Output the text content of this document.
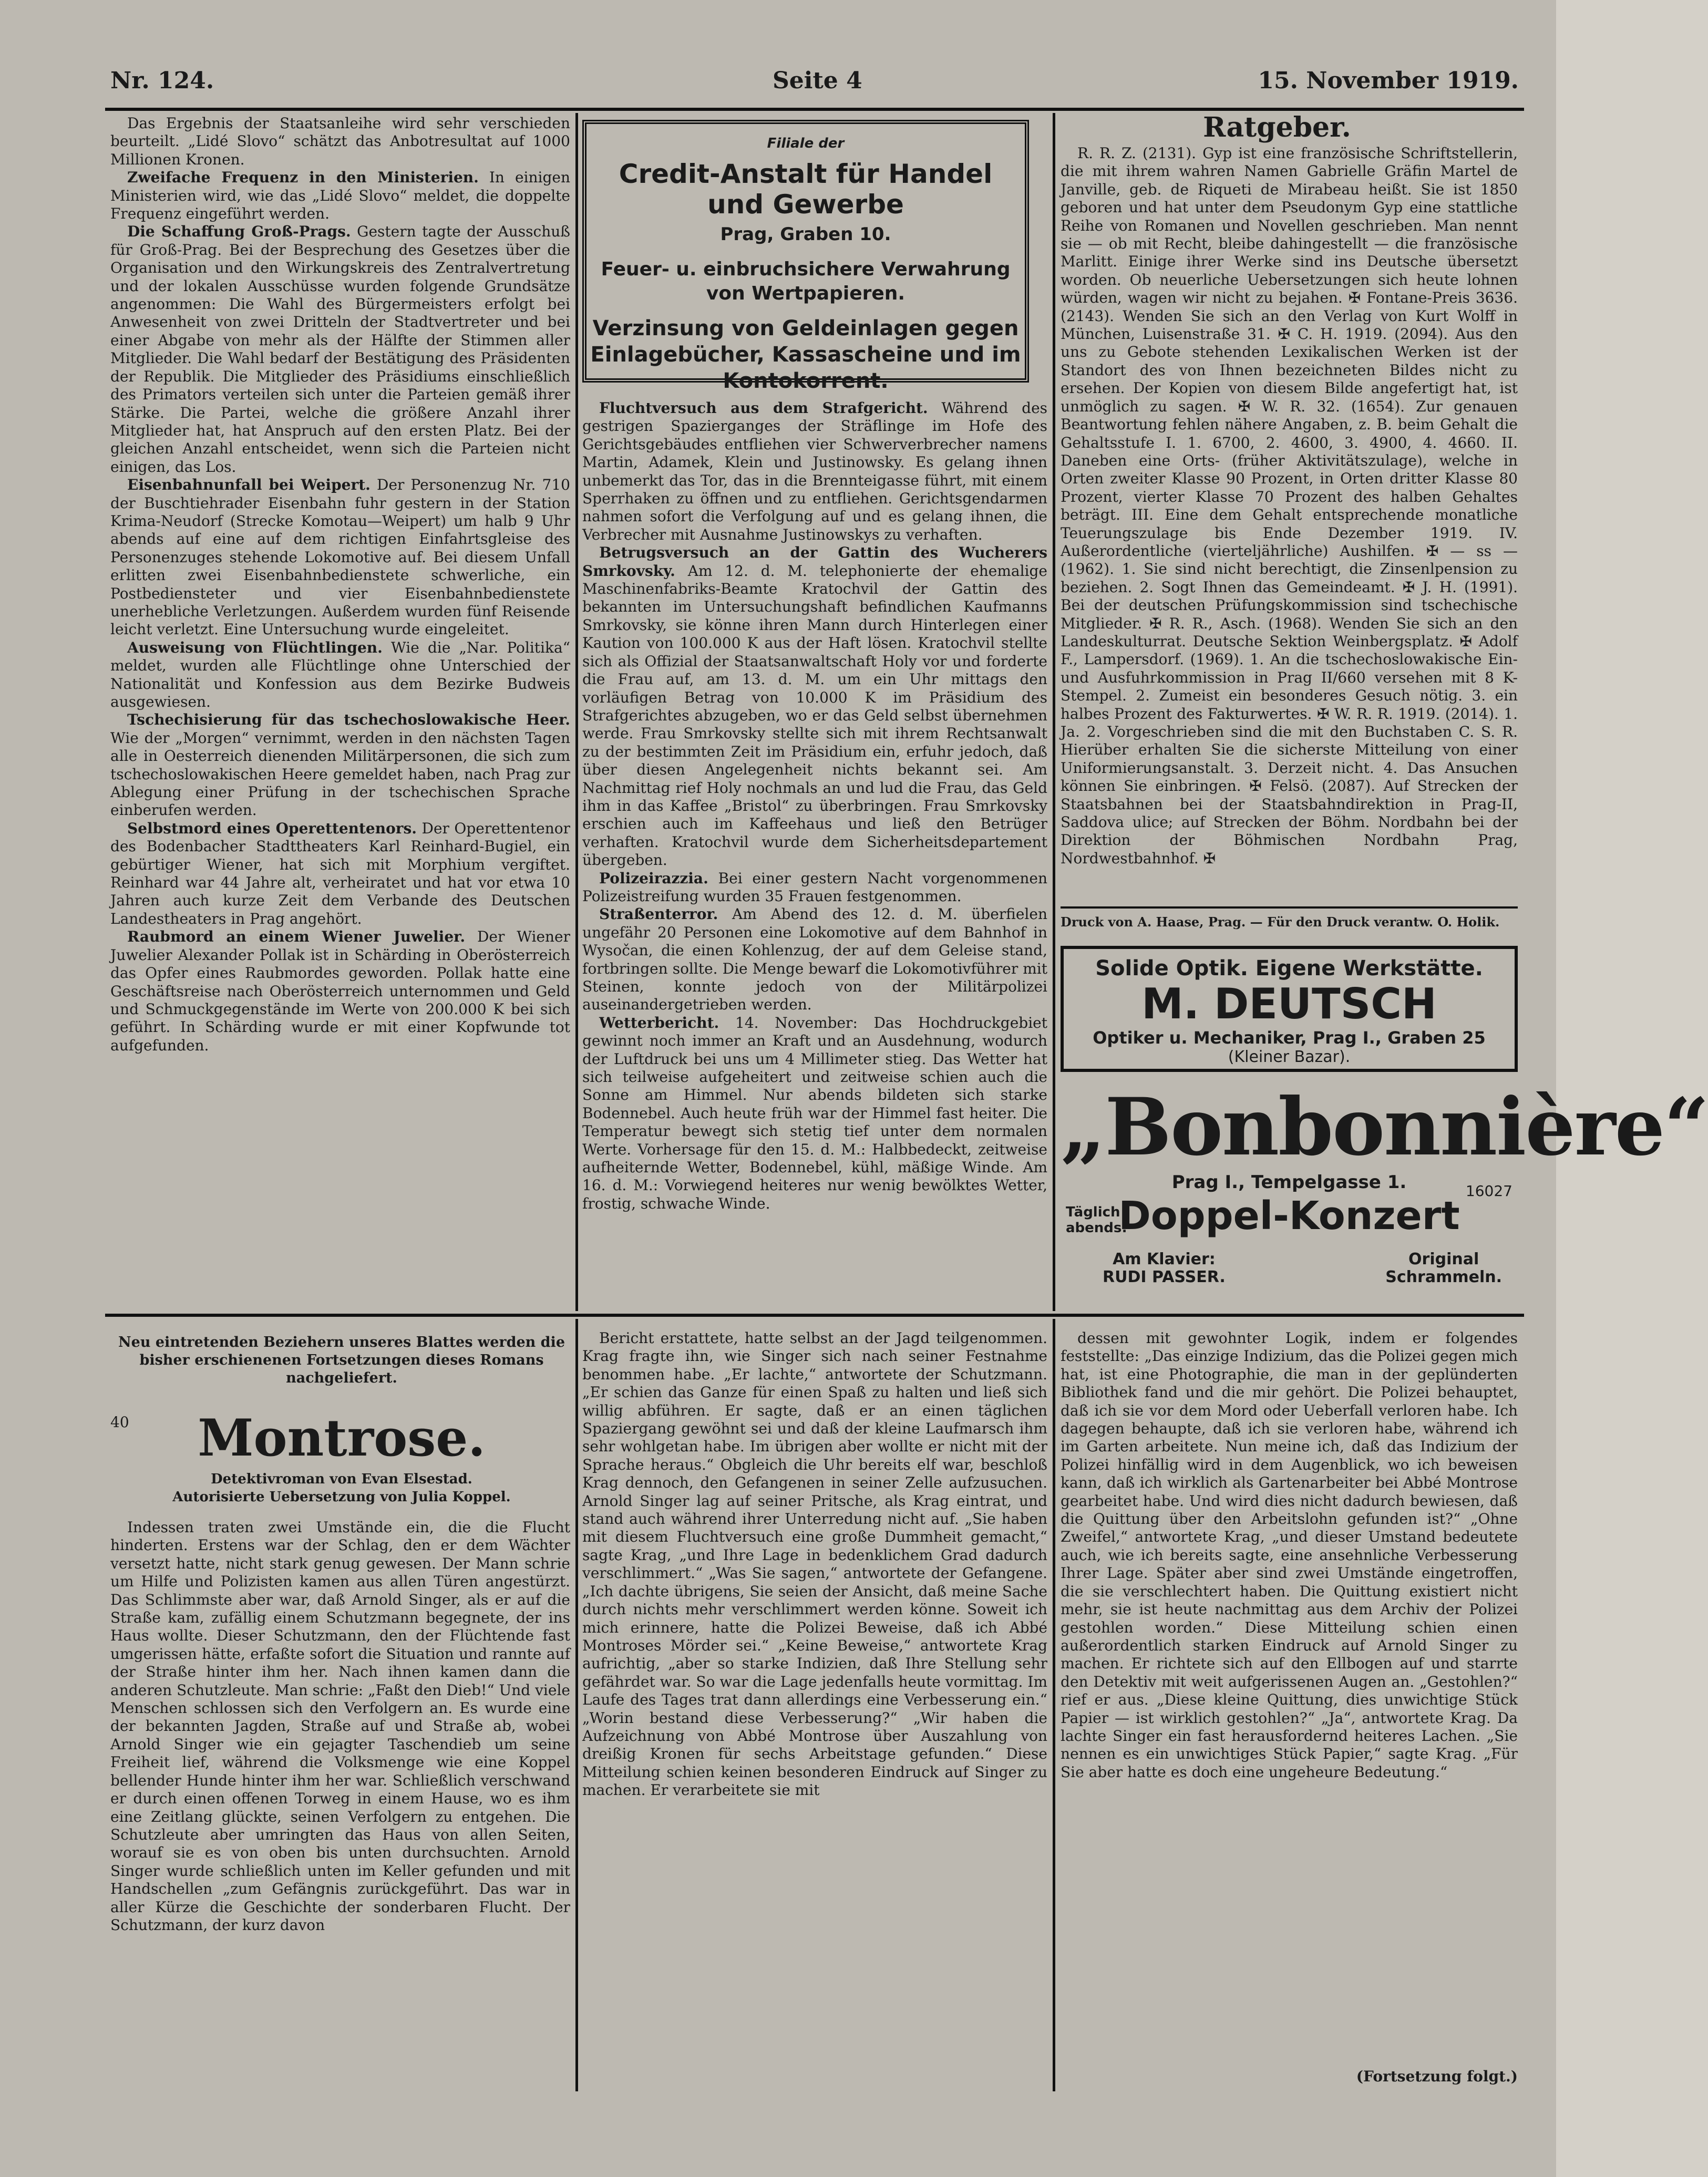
Nr. 124.	Seite 4	15. November 1919.

Das Ergebnis der Staatsanleihe wird sehr verschieden beurteilt. „Lidé Slovo“ schätzt das Anbotresultat auf 1000 Millionen Kronen.

Zweifache Frequenz in den Ministerien. In einigen Ministerien wird, wie das „Lidé Slovo“ meldet, die doppelte Frequenz eingeführt werden.

Die Schaffung Groß-Prags. Gestern tagte der Ausschuß für Groß-Prag. Bei der Besprechung des Gesetzes über die Organisation und den Wirkungskreis des Zentralvertretung und der lokalen Ausschüsse wurden folgende Grundsätze angenommen: Die Wahl des Bürgermeisters erfolgt bei Anwesenheit von zwei Dritteln der Stadtvertreter und bei einer Abgabe von mehr als der Hälfte der Stimmen aller Mitglieder. Die Wahl bedarf der Bestätigung des Präsidenten der Republik. Die Mitglieder des Präsidiums einschließlich des Primators verteilen sich unter die Parteien gemäß ihrer Stärke. Die Partei, welche die größere Anzahl ihrer Mitglieder hat, hat Anspruch auf den ersten Platz. Bei der gleichen Anzahl entscheidet, wenn sich die Parteien nicht einigen, das Los.

Eisenbahnunfall bei Weipert. Der Personenzug Nr. 710 der Buschtiehrader Eisenbahn fuhr gestern in der Station Krima-Neudorf (Strecke Komotau—Weipert) um halb 9 Uhr abends auf eine auf dem richtigen Einfahrtsgleise des Personenzuges stehende Lokomotive auf. Bei diesem Unfall erlitten zwei Eisenbahnbedienstete schwerliche, ein Postbediensteter und vier Eisenbahnbedienstete unerhebliche Verletzungen. Außerdem wurden fünf Reisende leicht verletzt. Eine Untersuchung wurde eingeleitet.

Ausweisung von Flüchtlingen. Wie die „Nar. Politika“ meldet, wurden alle Flüchtlinge ohne Unterschied der Nationalität und Konfession aus dem Bezirke Budweis ausgewiesen.

Tschechisierung für das tschechoslowakische Heer. Wie der „Morgen“ vernimmt, werden in den nächsten Tagen alle in Oesterreich dienenden Militärpersonen, die sich zum tschechoslowakischen Heere gemeldet haben, nach Prag zur Ablegung einer Prüfung in der tschechischen Sprache einberufen werden.

Selbstmord eines Operettentenors. Der Operettentenor des Bodenbacher Stadttheaters Karl Reinhard-Bugiel, ein gebürtiger Wiener, hat sich mit Morphium vergiftet. Reinhard war 44 Jahre alt, verheiratet und hat vor etwa 10 Jahren auch kurze Zeit dem Verbande des Deutschen Landestheaters in Prag angehört.

Raubmord an einem Wiener Juwelier. Der Wiener Juwelier Alexander Pollak ist in Schärding in Oberösterreich das Opfer eines Raubmordes geworden. Pollak hatte eine Geschäftsreise nach Oberösterreich unternommen und Geld und Schmuckgegenstände im Werte von 200.000 K bei sich geführt. In Schärding wurde er mit einer Kopfwunde tot aufgefunden.

Filiale der
Credit-Anstalt für Handel und Gewerbe
Prag, Graben 10.
Feuer- u. einbruchsichere Verwahrung von Wertpapieren.
Verzinsung von Geldeinlagen gegen Einlagebücher, Kassascheine und im Kontokorrent.

Fluchtversuch aus dem Strafgericht. Während des gestrigen Spazierganges der Sträflinge im Hofe des Gerichtsgebäudes entfliehen vier Schwerverbrecher namens Martin, Adamek, Klein und Justinowsky. Es gelang ihnen unbemerkt das Tor, das in die Brennteigasse führt, mit einem Sperrhaken zu öffnen und zu entfliehen. Gerichtsgendarmen nahmen sofort die Verfolgung auf und es gelang ihnen, die Verbrecher mit Ausnahme Justinowskys zu verhaften.

Betrugsversuch an der Gattin des Wucherers Smrkovsky. Am 12. d. M. telephonierte der ehemalige Maschinenfabriks-Beamte Kratochvil der Gattin des bekannten im Untersuchungshaft befindlichen Kaufmanns Smrkovsky, sie könne ihren Mann durch Hinterlegen einer Kaution von 100.000 K aus der Haft lösen. Kratochvil stellte sich als Offizial der Staatsanwaltschaft Holy vor und forderte die Frau auf, am 13. d. M. um ein Uhr mittags den vorläufigen Betrag von 10.000 K im Präsidium des Strafgerichtes abzugeben, wo er das Geld selbst übernehmen werde. Frau Smrkovsky stellte sich mit ihrem Rechtsanwalt zu der bestimmten Zeit im Präsidium ein, erfuhr jedoch, daß über diesen Angelegenheit nichts bekannt sei. Am Nachmittag rief Holy nochmals an und lud die Frau, das Geld ihm in das Kaffee „Bristol“ zu überbringen. Frau Smrkovsky erschien auch im Kaffeehaus und ließ den Betrüger verhaften. Kratochvil wurde dem Sicherheitsdepartement übergeben.

Polizeirazzia. Bei einer gestern Nacht vorgenommenen Polizeistreifung wurden 35 Frauen festgenommen.

Straßenterror. Am Abend des 12. d. M. überfielen ungefähr 20 Personen eine Lokomotive auf dem Bahnhof in Wysočan, die einen Kohlenzug, der auf dem Geleise stand, fortbringen sollte. Die Menge bewarf die Lokomotivführer mit Steinen, konnte jedoch von der Militärpolizei auseinandergetrieben werden.

Wetterbericht. 14. November: Das Hochdruckgebiet gewinnt noch immer an Kraft und an Ausdehnung, wodurch der Luftdruck bei uns um 4 Millimeter stieg. Das Wetter hat sich teilweise aufgeheitert und zeitweise schien auch die Sonne am Himmel. Nur abends bildeten sich starke Bodennebel. Auch heute früh war der Himmel fast heiter. Die Temperatur bewegt sich stetig tief unter dem normalen Werte. Vorhersage für den 15. d. M.: Halbbedeckt, zeitweise aufheiternde Wetter, Bodennebel, kühl, mäßige Winde. Am 16. d. M.: Vorwiegend heiteres nur wenig bewölktes Wetter, frostig, schwache Winde.

Ratgeber.

R. R. Z. (2131). Gyp ist eine französische Schriftstellerin, die mit ihrem wahren Namen Gabrielle Gräfin Martel de Janville, geb. de Riqueti de Mirabeau heißt. Sie ist 1850 geboren und hat unter dem Pseudonym Gyp eine stattliche Reihe von Romanen und Novellen geschrieben. Man nennt sie — ob mit Recht, bleibe dahingestellt — die französische Marlitt. Einige ihrer Werke sind ins Deutsche übersetzt worden. Ob neuerliche Uebersetzungen sich heute lohnen würden, wagen wir nicht zu bejahen. ✠ Fontane-Preis 3636. (2143). Wenden Sie sich an den Verlag von Kurt Wolff in München, Luisenstraße 31. ✠ C. H. 1919. (2094). Aus den uns zu Gebote stehenden Lexikalischen Werken ist der Standort des von Ihnen bezeichneten Bildes nicht zu ersehen. Der Kopien von diesem Bilde angefertigt hat, ist unmöglich zu sagen. ✠ W. R. 32. (1654). Zur genauen Beantwortung fehlen nähere Angaben, z. B. beim Gehalt die Gehaltsstufe I. 1. 6700, 2. 4600, 3. 4900, 4. 4660. II. Daneben eine Orts- (früher Aktivitätszulage), welche in Orten zweiter Klasse 90 Prozent, in Orten dritter Klasse 80 Prozent, vierter Klasse 70 Prozent des halben Gehaltes beträgt. III. Eine dem Gehalt entsprechende monatliche Teuerungszulage bis Ende Dezember 1919. IV. Außerordentliche (vierteljährliche) Aushilfen. ✠ — ss — (1962). 1. Sie sind nicht berechtigt, die Zinsenlpension zu beziehen. 2. Sogt Ihnen das Gemeindeamt. ✠ J. H. (1991). Bei der deutschen Prüfungskommission sind tschechische Mitglieder. ✠ R. R., Asch. (1968). Wenden Sie sich an den Landeskulturrat. Deutsche Sektion Weinbergsplatz. ✠ Adolf F., Lampersdorf. (1969). 1. An die tschechoslowakische Ein- und Ausfuhrkommission in Prag II/660 versehen mit 8 K-Stempel. 2. Zumeist ein besonderes Gesuch nötig. 3. ein halbes Prozent des Fakturwertes. ✠ W. R. R. 1919. (2014). 1. Ja. 2. Vorgeschrieben sind die mit den Buchstaben C. S. R. Hierüber erhalten Sie die sicherste Mitteilung von einer Uniformierungsanstalt. 3. Derzeit nicht. 4. Das Ansuchen können Sie einbringen. ✠ Felsö. (2087). Auf Strecken der Staatsbahnen bei der Staatsbahndirektion in Prag-II, Saddova ulice; auf Strecken der Böhm. Nordbahn bei der Direktion der Böhmischen Nordbahn Prag, Nordwestbahnhof. ✠

Druck von A. Haase, Prag. — Für den Druck verantw. O. Holik.
Solide Optik. Eigene Werkstätte.
M. DEUTSCH
Optiker u. Mechaniker, Prag I., Graben 25
(Kleiner Bazar).
„Bonbonnière“
Prag I., Tempelgasse 1.	16027
Täglich abends:
Doppel-Konzert
Am Klavier:
RUDI PASSER.
Original
Schrammeln.
Neu eintretenden Beziehern unseres Blattes werden die bisher erschienenen Fortsetzungen dieses Romans nachgeliefert.
40	Montrose.
Detektivroman von Evan Elsestad.
Autorisierte Uebersetzung von Julia Koppel.

Indessen traten zwei Umstände ein, die die Flucht hinderten. Erstens war der Schlag, den er dem Wächter versetzt hatte, nicht stark genug gewesen. Der Mann schrie um Hilfe und Polizisten kamen aus allen Türen angestürzt. Das Schlimmste aber war, daß Arnold Singer, als er auf die Straße kam, zufällig einem Schutzmann begegnete, der ins Haus wollte. Dieser Schutzmann, den der Flüchtende fast umgerissen hätte, erfaßte sofort die Situation und rannte auf der Straße hinter ihm her. Nach ihnen kamen dann die anderen Schutzleute. Man schrie: „Faßt den Dieb!“ Und viele Menschen schlossen sich den Verfolgern an. Es wurde eine der bekannten Jagden, Straße auf und Straße ab, wobei Arnold Singer wie ein gejagter Taschendieb um seine Freiheit lief, während die Volksmenge wie eine Koppel bellender Hunde hinter ihm her war. Schließlich verschwand er durch einen offenen Torweg in einem Hause, wo es ihm eine Zeitlang glückte, seinen Verfolgern zu entgehen. Die Schutzleute aber umringten das Haus von allen Seiten, worauf sie es von oben bis unten durchsuchten. Arnold Singer wurde schließlich unten im Keller gefunden und mit Handschellen „zum Gefängnis zurückgeführt. Das war in aller Kürze die Geschichte der sonderbaren Flucht. Der Schutzmann, der kurz davon

Bericht erstattete, hatte selbst an der Jagd teilgenommen. Krag fragte ihn, wie Singer sich nach seiner Festnahme benommen habe. „Er lachte,“ antwortete der Schutzmann. „Er schien das Ganze für einen Spaß zu halten und ließ sich willig abführen. Er sagte, daß er an einen täglichen Spaziergang gewöhnt sei und daß der kleine Laufmarsch ihm sehr wohlgetan habe. Im übrigen aber wollte er nicht mit der Sprache heraus.“ Obgleich die Uhr bereits elf war, beschloß Krag dennoch, den Gefangenen in seiner Zelle aufzusuchen. Arnold Singer lag auf seiner Pritsche, als Krag eintrat, und stand auch während ihrer Unterredung nicht auf. „Sie haben mit diesem Fluchtversuch eine große Dummheit gemacht,“ sagte Krag, „und Ihre Lage in bedenklichem Grad dadurch verschlimmert.“ „Was Sie sagen,“ antwortete der Gefangene. „Ich dachte übrigens, Sie seien der Ansicht, daß meine Sache durch nichts mehr verschlimmert werden könne. Soweit ich mich erinnere, hatte die Polizei Beweise, daß ich Abbé Montroses Mörder sei.“ „Keine Beweise,“ antwortete Krag aufrichtig, „aber so starke Indizien, daß Ihre Stellung sehr gefährdet war. So war die Lage jedenfalls heute vormittag. Im Laufe des Tages trat dann allerdings eine Verbesserung ein.“ „Worin bestand diese Verbesserung?“ „Wir haben die Aufzeichnung von Abbé Montrose über Auszahlung von dreißig Kronen für sechs Arbeitstage gefunden.“ Diese Mitteilung schien keinen besonderen Eindruck auf Singer zu machen. Er verarbeitete sie mit

dessen mit gewohnter Logik, indem er folgendes feststellte: „Das einzige Indizium, das die Polizei gegen mich hat, ist eine Photographie, die man in der geplünderten Bibliothek fand und die mir gehört. Die Polizei behauptet, daß ich sie vor dem Mord oder Ueberfall verloren habe. Ich dagegen behaupte, daß ich sie verloren habe, während ich im Garten arbeitete. Nun meine ich, daß das Indizium der Polizei hinfällig wird in dem Augenblick, wo ich beweisen kann, daß ich wirklich als Gartenarbeiter bei Abbé Montrose gearbeitet habe. Und wird dies nicht dadurch bewiesen, daß die Quittung über den Arbeitslohn gefunden ist?“ „Ohne Zweifel,“ antwortete Krag, „und dieser Umstand bedeutete auch, wie ich bereits sagte, eine ansehnliche Verbesserung Ihrer Lage. Später aber sind zwei Umstände eingetroffen, die sie verschlechtert haben. Die Quittung existiert nicht mehr, sie ist heute nachmittag aus dem Archiv der Polizei gestohlen worden.“ Diese Mitteilung schien einen außerordentlich starken Eindruck auf Arnold Singer zu machen. Er richtete sich auf den Ellbogen auf und starrte den Detektiv mit weit aufgerissenen Augen an. „Gestohlen?“ rief er aus. „Diese kleine Quittung, dies unwichtige Stück Papier — ist wirklich gestohlen?“ „Ja“, antwortete Krag. Da lachte Singer ein fast herausfordernd heiteres Lachen. „Sie nennen es ein unwichtiges Stück Papier,“ sagte Krag. „Für Sie aber hatte es doch eine ungeheure Bedeutung.“

(Fortsetzung folgt.)
